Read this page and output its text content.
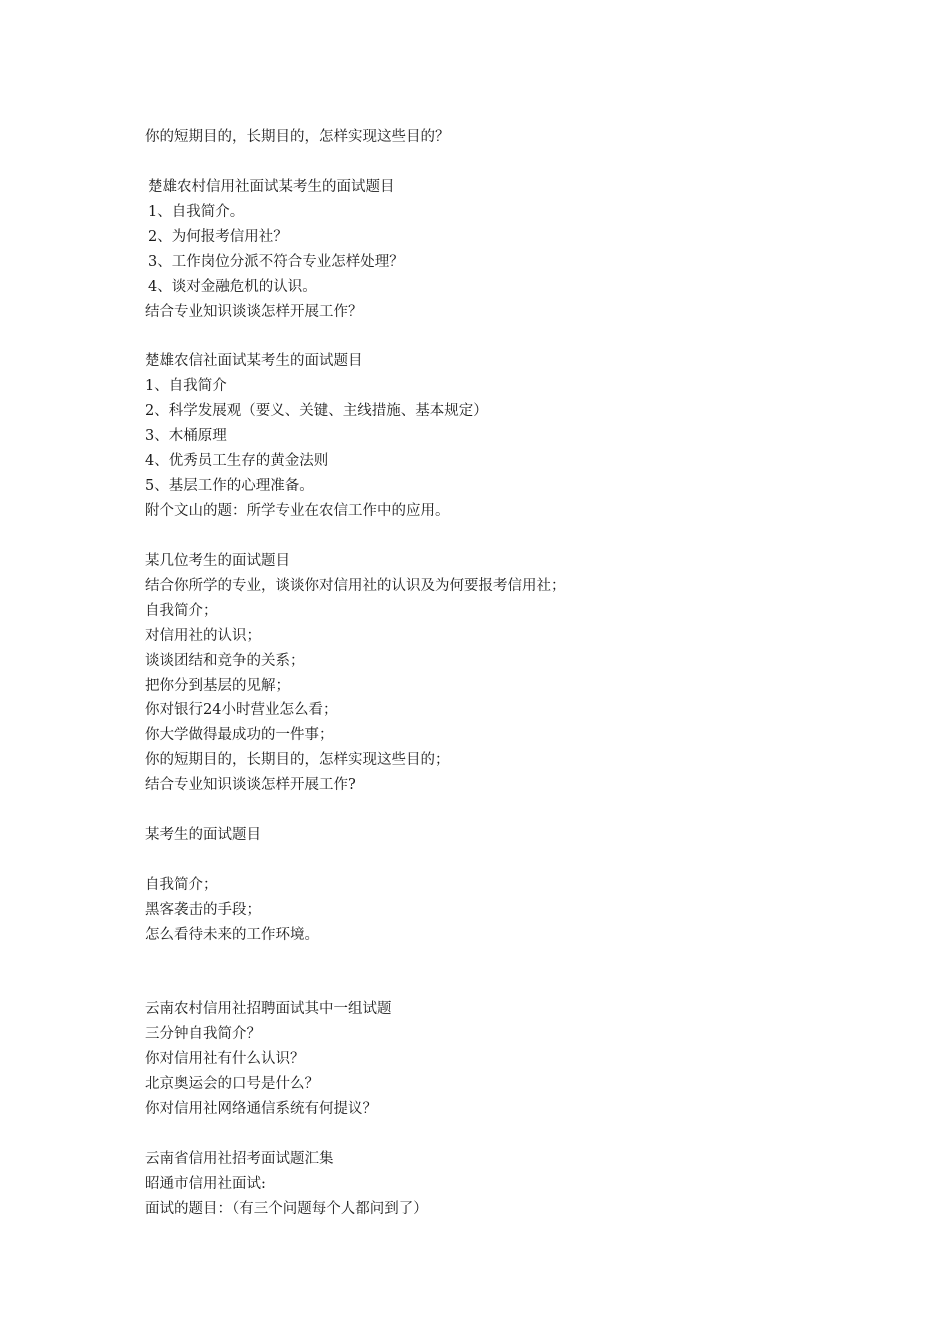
你的短期目的，长期目的，怎样实现这些目的？
楚雄农村信用社面试某考生的面试题目
1、自我简介。
2、为何报考信用社？
3、工作岗位分派不符合专业怎样处理？
4、谈对金融危机的认识。
结合专业知识谈谈怎样开展工作？
楚雄农信社面试某考生的面试题目
1、自我简介
2、科学发展观（要义、关键、主线措施、基本规定）
3、木桶原理
4、优秀员工生存的黄金法则
5、基层工作的心理准备。
附个文山的题：所学专业在农信工作中的应用。
某几位考生的面试题目
结合你所学的专业，谈谈你对信用社的认识及为何要报考信用社；
自我简介；
对信用社的认识；
谈谈团结和竞争的关系；
把你分到基层的见解；
你对银行24小时营业怎么看；
你大学做得最成功的一件事；
你的短期目的，长期目的，怎样实现这些目的；
结合专业知识谈谈怎样开展工作?
某考生的面试题目
自我简介；
黑客袭击的手段；
怎么看待未来的工作环境。
云南农村信用社招聘面试其中一组试题
三分钟自我简介？
你对信用社有什么认识？
北京奥运会的口号是什么？
你对信用社网络通信系统有何提议？
云南省信用社招考面试题汇集
昭通市信用社面试:
面试的题目：（有三个问题每个人都问到了）
